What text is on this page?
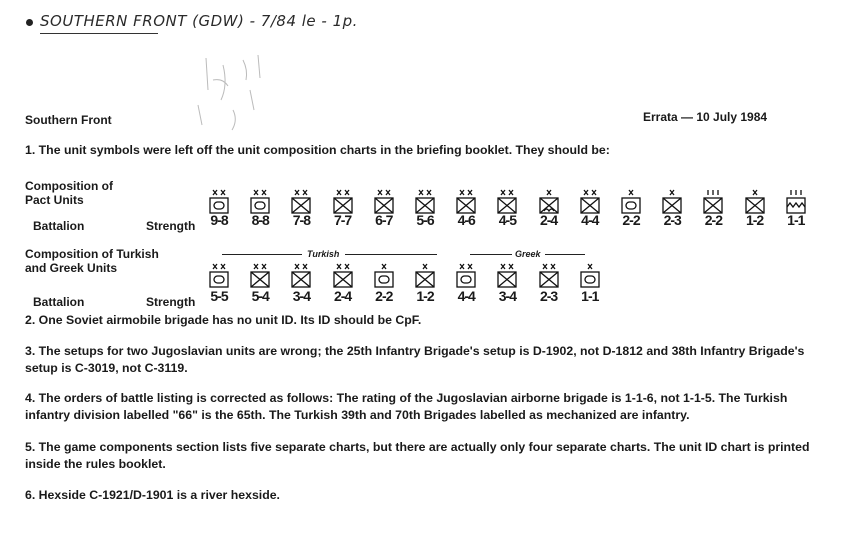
SOUTHERN FRONT (GDW) - 7/84 le - 1p.
Southern Front	Errata — 10 July 1984
1. The unit symbols were left off the unit composition charts in the briefing booklet. They should be:
Composition of
Pact Units
Battalion	Strength	9-8	8-8	7-8	7-7	6-7	5-6	4-6	4-5	2-4	4-4	2-2	2-3	2-2	1-2	1-1
Composition of Turkish
and Greek Units
Turkish	Greek
Battalion	Strength	5-5	5-4	3-4	2-4	2-2	1-2	4-4	3-4	2-3	1-1
2. One Soviet airmobile brigade has no unit ID. Its ID should be CpF.
3. The setups for two Jugoslavian units are wrong; the 25th Infantry Brigade's setup is D-1902, not D-1812 and 38th Infantry Brigade's setup is C-3019, not C-3119.
4. The orders of battle listing is corrected as follows: The rating of the Jugoslavian airborne brigade is 1-1-6, not 1-1-5. The Turkish infantry division labelled "66" is the 65th. The Turkish 39th and 70th Brigades labelled as mechanized are infantry.
5. The game components section lists five separate charts, but there are actually only four separate charts. The unit ID chart is printed inside the rules booklet.
6. Hexside C-1921/D-1901 is a river hexside.
